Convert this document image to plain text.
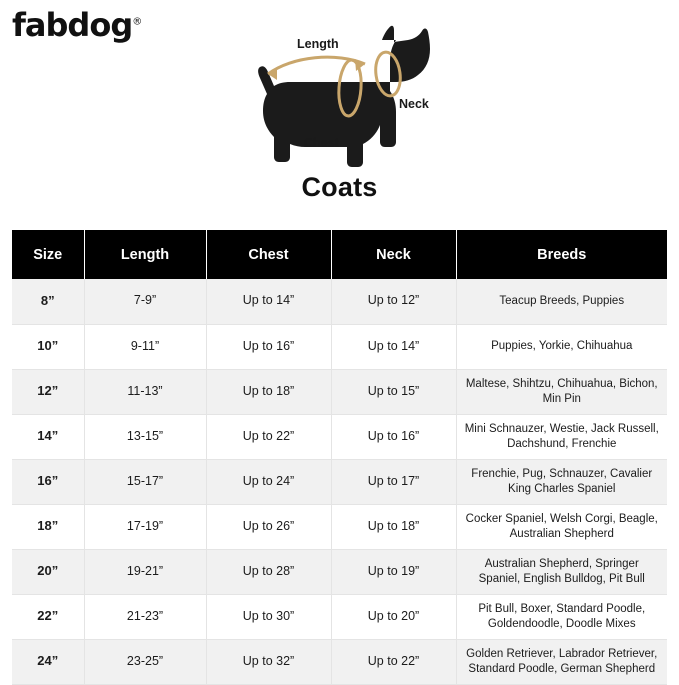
fabdog®
Length
Neck
Chest
Coats
Size	Length	Chest	Neck	Breeds
8”	7-9”	Up to 14”	Up to 12”	Teacup Breeds, Puppies
10”	9-11”	Up to 16”	Up to 14”	Puppies, Yorkie, Chihuahua
12”	11-13”	Up to 18”	Up to 15”	Maltese, Shihtzu, Chihuahua, Bichon, Min Pin
14”	13-15”	Up to 22”	Up to 16”	Mini Schnauzer, Westie, Jack Russell, Dachshund, Frenchie
16”	15-17”	Up to 24”	Up to 17”	Frenchie, Pug, Schnauzer, Cavalier King Charles Spaniel
18”	17-19”	Up to 26”	Up to 18”	Cocker Spaniel, Welsh Corgi, Beagle, Australian Shepherd
20”	19-21”	Up to 28”	Up to 19”	Australian Shepherd, Springer Spaniel, English Bulldog, Pit Bull
22”	21-23”	Up to 30”	Up to 20”	Pit Bull, Boxer, Standard Poodle, Goldendoodle, Doodle Mixes
24”	23-25”	Up to 32”	Up to 22”	Golden Retriever, Labrador Retriever, Standard Poodle, German Shepherd
